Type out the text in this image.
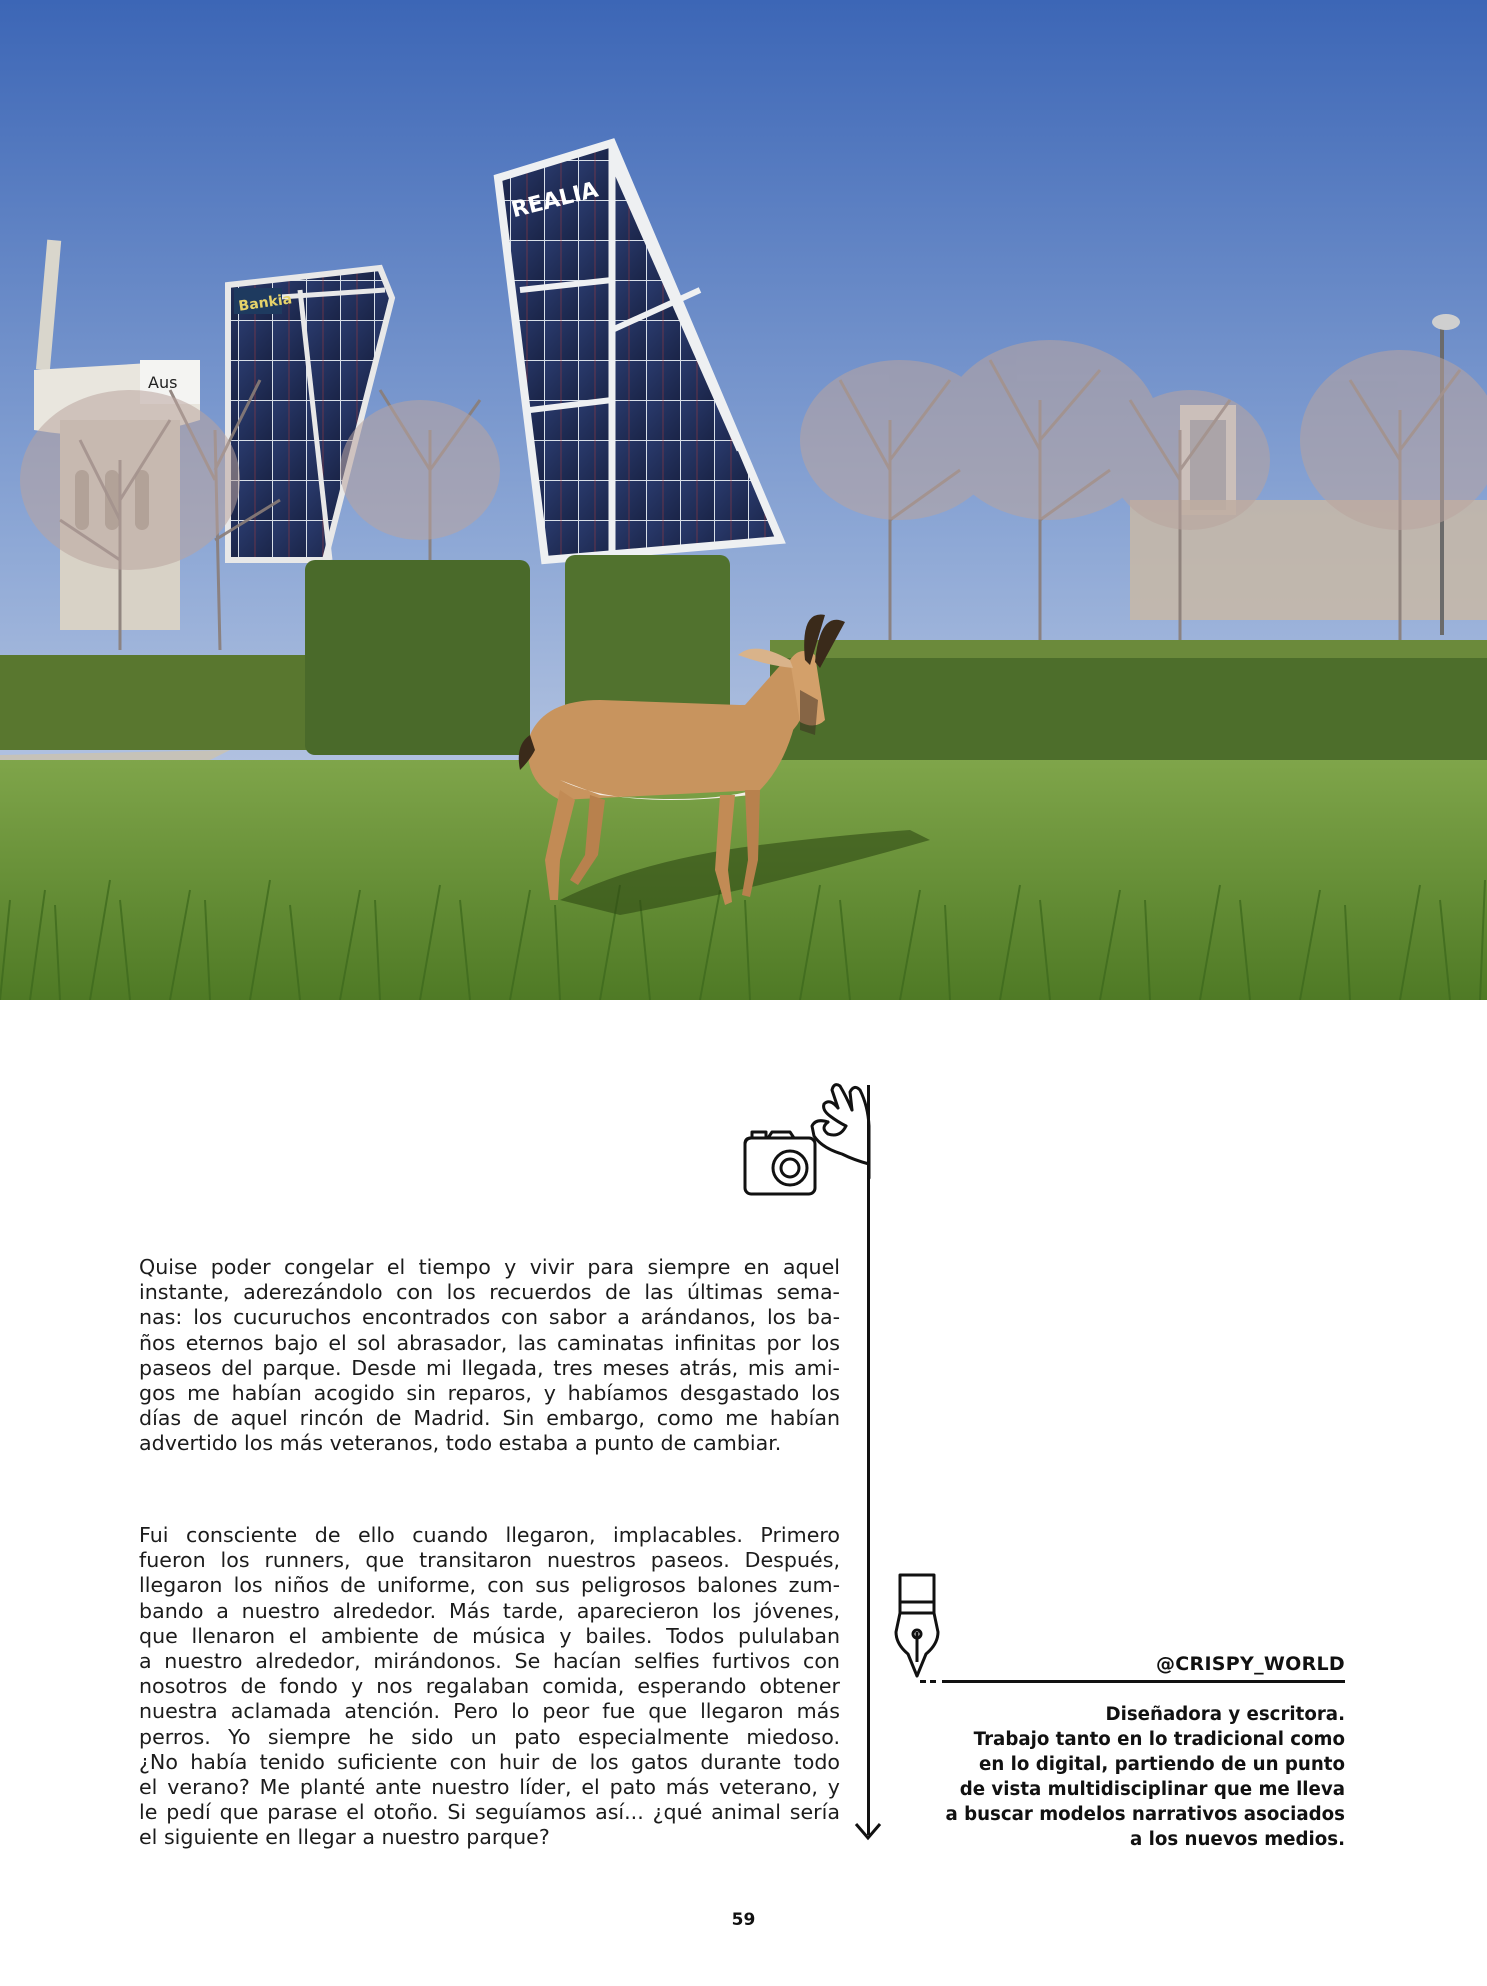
Aus
Bankia
REALIA
Quise poder congelar el tiempo y vivir para siempre en aquel
instante, aderezándolo con los recuerdos de las últimas sema-
nas: los cucuruchos encontrados con sabor a arándanos, los ba-
ños eternos bajo el sol abrasador, las caminatas infinitas por los
paseos del parque. Desde mi llegada, tres meses atrás, mis ami-
gos me habían acogido sin reparos, y habíamos desgastado los
días de aquel rincón de Madrid. Sin embargo, como me habían
advertido los más veteranos, todo estaba a punto de cambiar.
Fui consciente de ello cuando llegaron, implacables. Primero
fueron los runners, que transitaron nuestros paseos. Después,
llegaron los niños de uniforme, con sus peligrosos balones zum-
bando a nuestro alrededor. Más tarde, aparecieron los jóvenes,
que llenaron el ambiente de música y bailes. Todos pululaban
a nuestro alrededor, mirándonos. Se hacían selfies furtivos con
nosotros de fondo y nos regalaban comida, esperando obtener
nuestra aclamada atención. Pero lo peor fue que llegaron más
perros. Yo siempre he sido un pato especialmente miedoso.
¿No había tenido suficiente con huir de los gatos durante todo
el verano? Me planté ante nuestro líder, el pato más veterano, y
le pedí que parase el otoño. Si seguíamos así... ¿qué animal sería
el siguiente en llegar a nuestro parque?

@CRISPY_WORLD

Diseñadora y escritora.
Trabajo tanto en lo tradicional como
en lo digital, partiendo de un punto
de vista multidisciplinar que me lleva
a buscar modelos narrativos asociados
a los nuevos medios.

59
